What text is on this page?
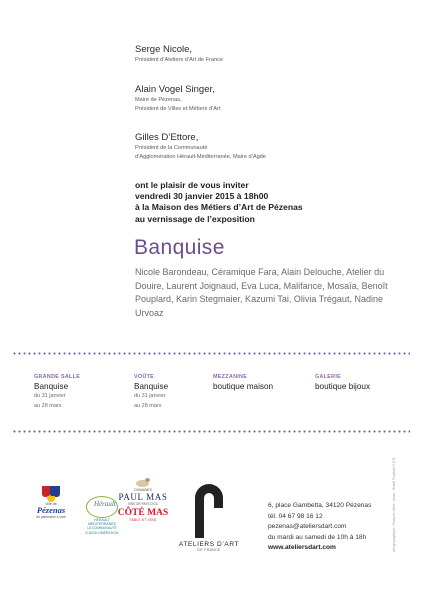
Serge Nicole,
Président d’Ateliers d’Art de France
Alain Vogel Singer,
Maire de Pézenas,
Président de Villes et Métiers d’Art
Gilles D’Ettore,
Président de la Communauté
d’Agglomération Hérault-Méditerranée, Maire d’Agde
ont le plaisir de vous inviter
vendredi 30 janvier 2015 à 18h00
à la Maison des Métiers d’Art de Pézenas
au vernissage de l’exposition
Banquise
Nicole Barondeau, Céramique Fara, Alain Delouche, Atelier du Douire, Laurent Joignaud, Eva Luca, Malifance, Mosaïa, Benoît Pouplard, Karin Stegmaier, Kazumi Tai, Olivia Trégaut, Nadine Urvoaz
GRANDE SALLE
Banquise
du 31 janvier
au 28 mars
VOÛTE
Banquise
du 31 janvier
au 28 mars
MEZZANINE
boutique maison
GALERIE
boutique bijoux
Ville de
Pézenas
Un patrimoine à vivre
Hérault
HÉRAULT MÉDITERRANÉE
LA COMMUNAUTÉ
D’AGGLOMÉRATION
DOMAINES
PAUL MAS
VINS DE PAYS D’OC
CÔTÉ MAS
TABLE ET VINS
ATELIERS D’ART
DE FRANCE
6, place Gambetta, 34120 Pézenas
tél. 04 67 98 16 12
pezenas@ateliersdart.com
du mardi au samedi de 10h à 18h
www.ateliersdart.com	design graphique : François Jolive - photo : Benoît Pouplard © D.R.
